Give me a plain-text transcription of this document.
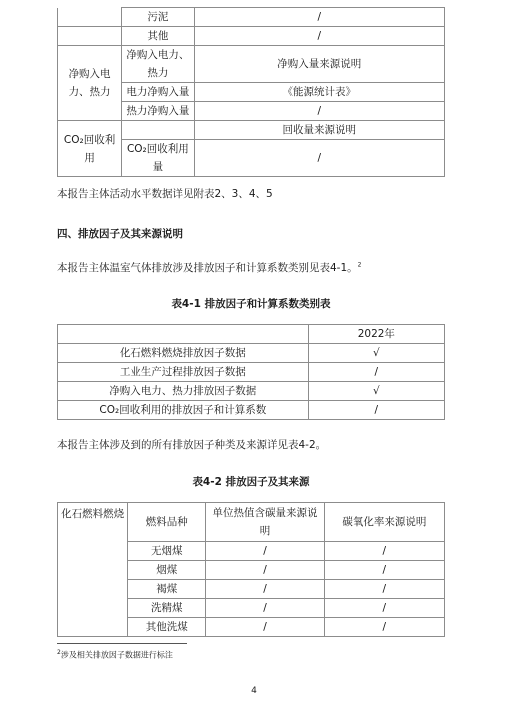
	污泥	/
	其他	/
净购入电力、热力	净购入电力、热力	净购入量来源说明
	电力净购入量	《能源统计表》
	热力净购入量	/
CO₂回收利用		回收量来源说明
	CO₂回收利用量	/
本报告主体活动水平数据详见附表2、3、4、5
四、排放因子及其来源说明
本报告主体温室气体排放涉及排放因子和计算系数类别见表4-1。$^2$
表4-1 排放因子和计算系数类别表
	2022年
化石燃料燃烧排放因子数据	√
工业生产过程排放因子数据	/
净购入电力、热力排放因子数据	√
CO₂回收利用的排放因子和计算系数	/
本报告主体涉及到的所有排放因子种类及来源详见表4-2。
表4-2 排放因子及其来源
化石燃料燃烧	燃料品种	单位热值含碳量来源说明	碳氧化率来源说明
	无烟煤	/	/
	烟煤	/	/
	褐煤	/	/
	洗精煤	/	/
	其他洗煤	/	/
$^2$涉及相关排放因子数据进行标注
4
